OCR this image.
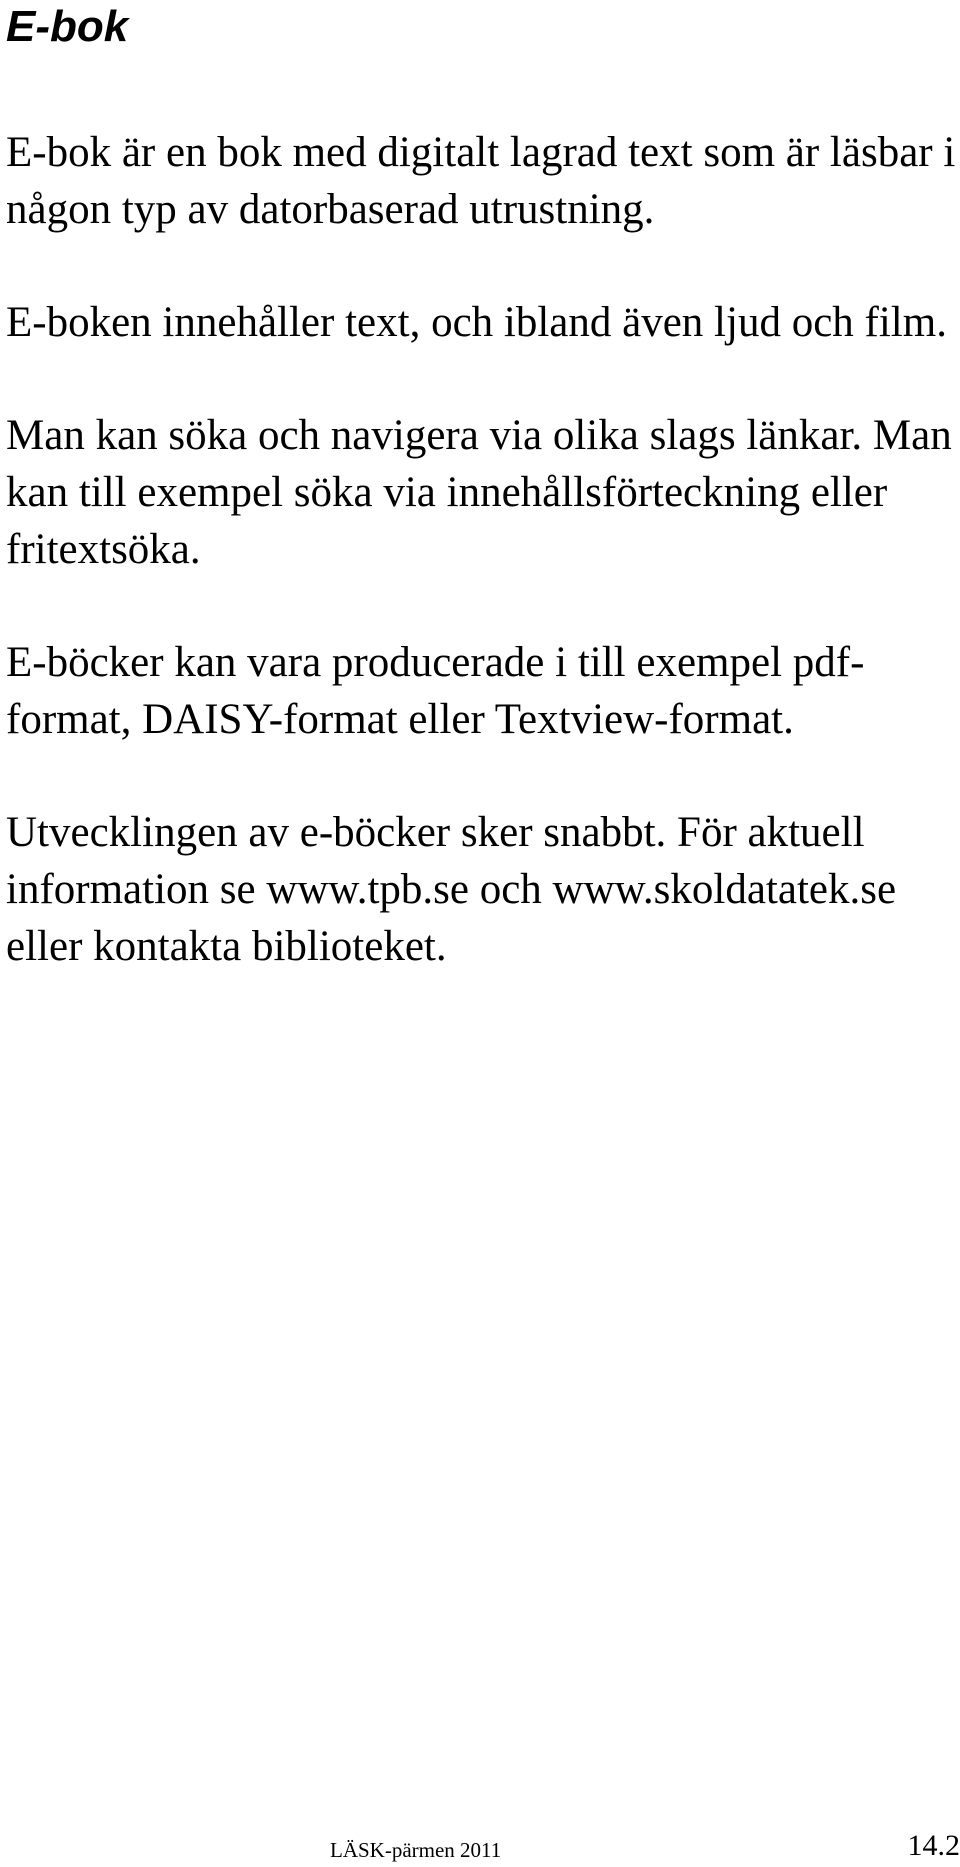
E-bok

E-bok är en bok med digitalt lagrad text som är läsbar i någon typ av datorbaserad utrustning.

E-boken innehåller text, och ibland även ljud och film.

Man kan söka och navigera via olika slags länkar. Man kan till exempel söka via innehållsförteckning eller fritextsöka.

E-böcker kan vara producerade i till exempel pdf-format, DAISY-format eller Textview-format.

Utvecklingen av e-böcker sker snabbt. För aktuell information se www.tpb.se och www.skoldatatek.se eller kontakta biblioteket.

LÄSK-pärmen 2011	14.2
